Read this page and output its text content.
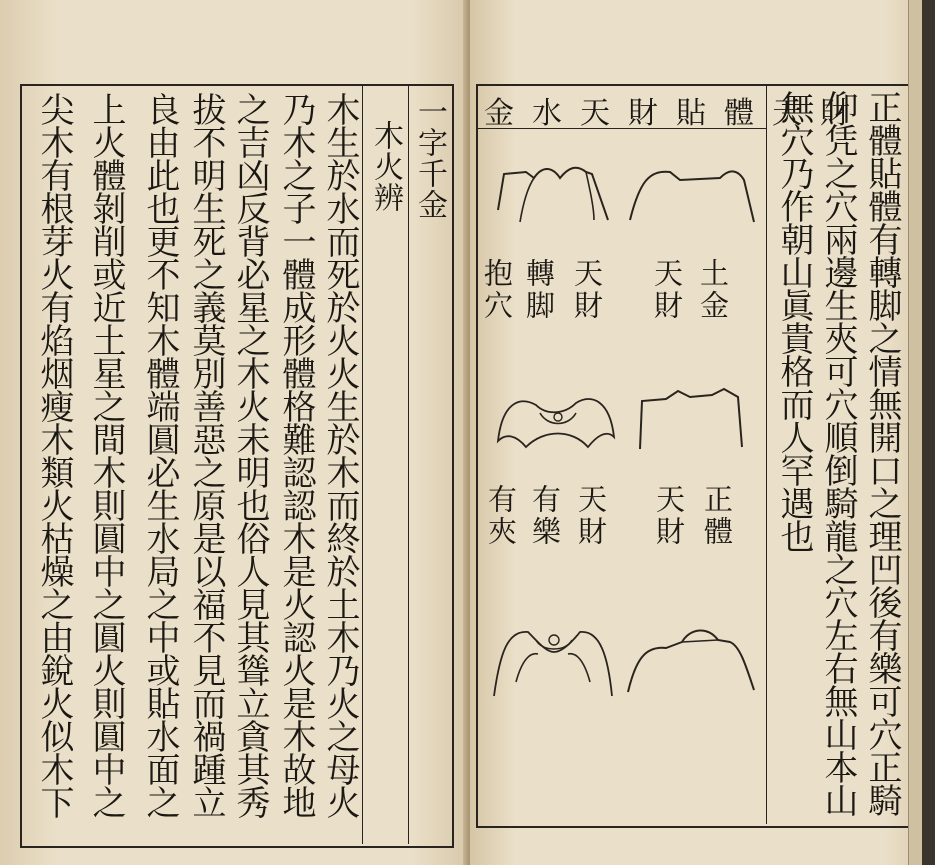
一字千金
木火辨
木生於水而死於火火生於木而終於土木乃火之母火
乃木之子一體成形體格難認認木是火認火是木故地
之吉凶反背必星之木火未明也俗人見其聳立貪其秀
拔不明生死之義莫別善惡之原是以福不見而禍踵立
良由此也更不知木體端圓必生水局之中或貼水面之
上火體剝削或近土星之間木則圓中之圓火則圓中之
尖木有根芽火有焰烟瘦木類火枯燥之由銳火似木下	金水天財貼體天財
正體貼體有轉脚之情無開口之理凹後有樂可穴正騎
仰凭之穴兩邊生夾可穴順倒騎龍之穴左右無山本山
無穴乃作朝山眞貴格而人罕遇也
土金
天財
天財
轉脚
抱穴
正體
天財
天財
有樂
有夾
